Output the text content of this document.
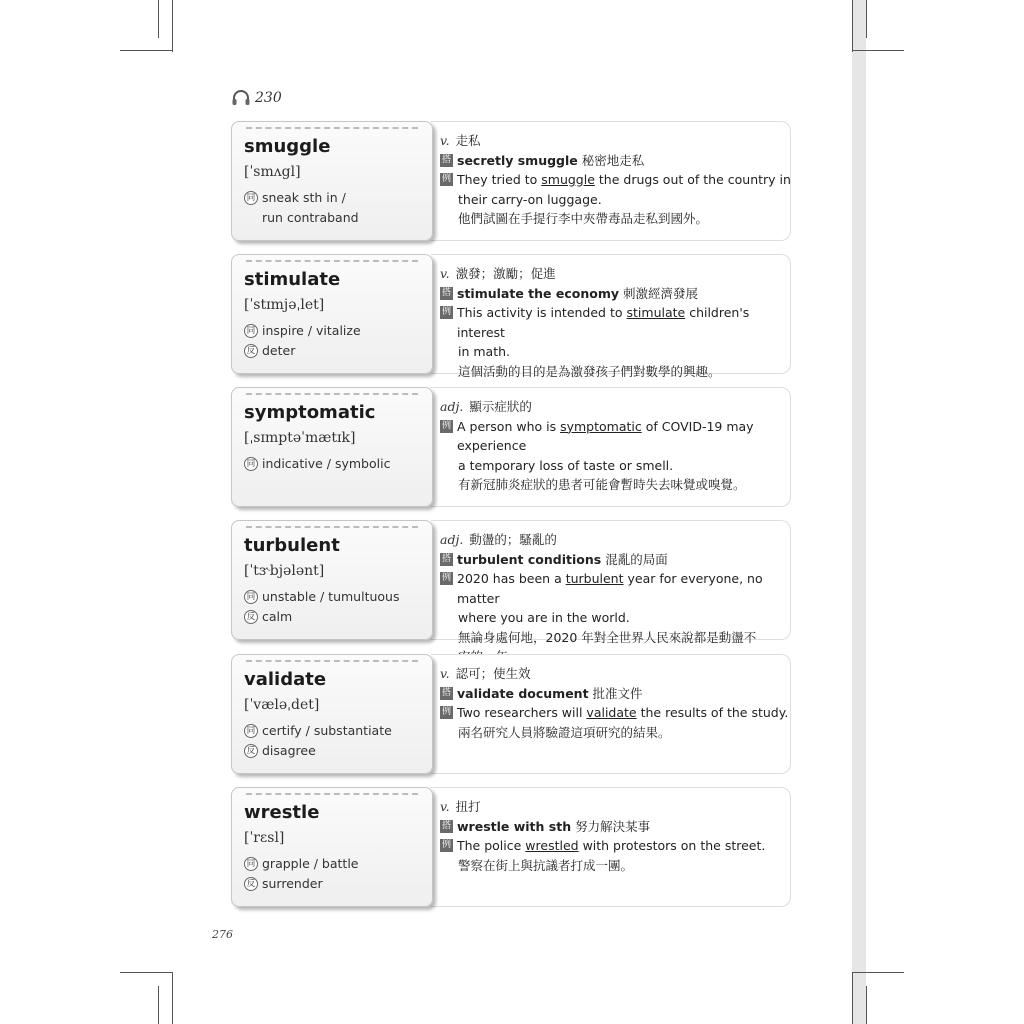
230
smuggle
[ˈsmʌgl]
同 sneak sth in /
run contraband
v. 走私
搭 secretly smuggle 秘密地走私
例 They tried to smuggle the drugs out of the country in
their carry-on luggage.
他們試圖在手提行李中夾帶毒品走私到國外。
stimulate
[ˈstɪmjəˌlet]
同 inspire / vitalize
反 deter
v. 激發；激勵；促進
搭 stimulate the economy 刺激經濟發展
例 This activity is intended to stimulate children's interest
in math.
這個活動的目的是為激發孩子們對數學的興趣。
symptomatic
[ˌsɪmptəˈmætɪk]
同 indicative / symbolic
adj. 顯示症狀的
例 A person who is symptomatic of COVID-19 may experience
a temporary loss of taste or smell.
有新冠肺炎症狀的患者可能會暫時失去味覺或嗅覺。
turbulent
[ˈtɝbjələnt]
同 unstable / tumultuous
反 calm
adj. 動盪的；騷亂的
搭 turbulent conditions 混亂的局面
例 2020 has been a turbulent year for everyone, no matter
where you are in the world.
無論身處何地，2020 年對全世界人民來說都是動盪不
validate
[ˈvæləˌdet]
同 certify / substantiate
反 disagree
v. 認可；使生效
搭 validate document 批准文件
例 Two researchers will validate the results of the study.
兩名研究人員將驗證這項研究的結果。
wrestle
[ˈrɛsl]
同 grapple / battle
反 surrender
v. 扭打
搭 wrestle with sth 努力解決某事
例 The police wrestled with protestors on the street.
警察在街上與抗議者打成一團。
276
